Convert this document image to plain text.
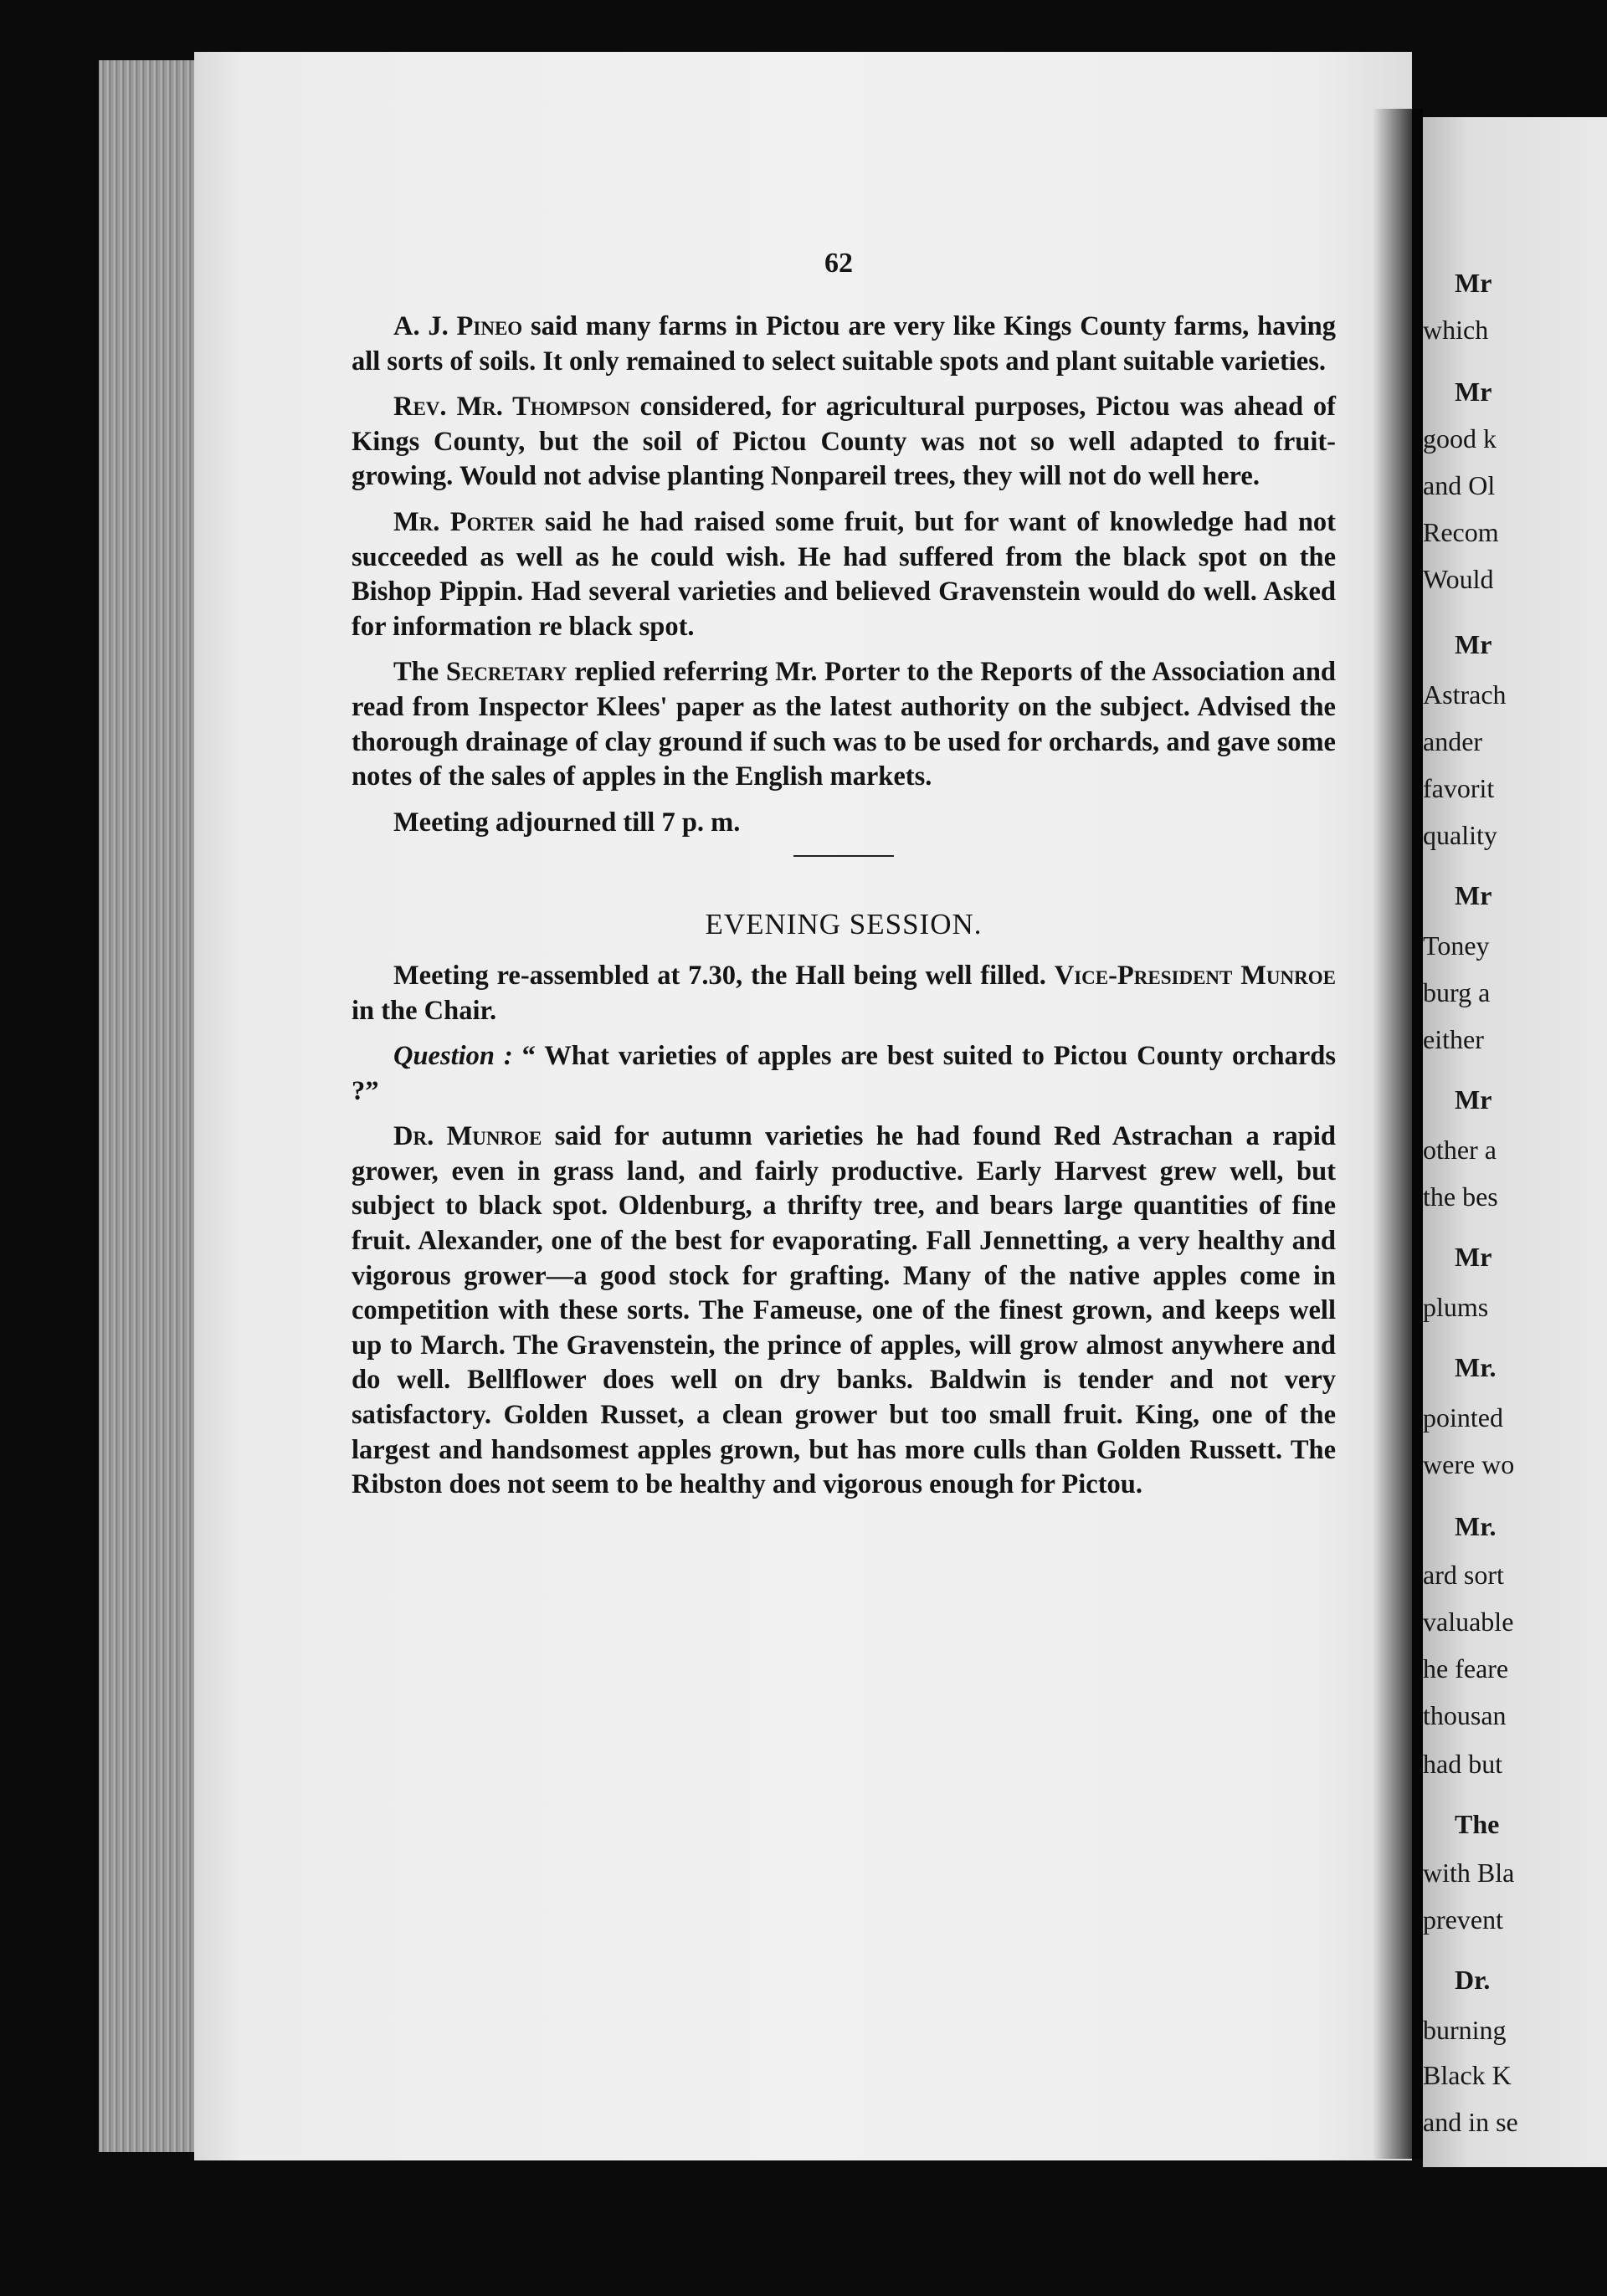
Mr
which
Mr
good k
and Ol
Recom
Would
Mr
Astrach
ander
favorit
quality
Mr
Toney
burg a
either
Mr
other a
the bes
Mr
plums
Mr.
pointed
were wo
Mr.
ard sort
valuable
he feare
thousan
had but
The
with Bla
prevent
Dr.
burning
Black K
and in se
62

A. J. Pineo said many farms in Pictou are very like Kings County farms, having all sorts of soils. It only remained to select suitable spots and plant suitable varieties.

Rev. Mr. Thompson considered, for agricultural purposes, Pictou was ahead of Kings County, but the soil of Pictou County was not so well adapted to fruit-growing. Would not advise planting Nonpareil trees, they will not do well here.

Mr. Porter said he had raised some fruit, but for want of knowledge had not succeeded as well as he could wish. He had suffered from the black spot on the Bishop Pippin. Had several varieties and believed Gravenstein would do well. Asked for information re black spot.

The Secretary replied referring Mr. Porter to the Reports of the Association and read from Inspector Klees' paper as the latest authority on the subject. Advised the thorough drainage of clay ground if such was to be used for orchards, and gave some notes of the sales of apples in the English markets.

Meeting adjourned till 7 p. m.

EVENING SESSION.

Meeting re-assembled at 7.30, the Hall being well filled. Vice-President Munroe in the Chair.

Question : “ What varieties of apples are best suited to Pictou County orchards ?”

Dr. Munroe said for autumn varieties he had found Red Astrachan a rapid grower, even in grass land, and fairly productive. Early Harvest grew well, but subject to black spot. Oldenburg, a thrifty tree, and bears large quantities of fine fruit. Alexander, one of the best for evaporating. Fall Jennetting, a very healthy and vigorous grower—a good stock for grafting. Many of the native apples come in competition with these sorts. The Fameuse, one of the finest grown, and keeps well up to March. The Gravenstein, the prince of apples, will grow almost anywhere and do well. Bellflower does well on dry banks. Baldwin is tender and not very satisfactory. Golden Russet, a clean grower but too small fruit. King, one of the largest and handsomest apples grown, but has more culls than Golden Russett. The Ribston does not seem to be healthy and vigorous enough for Pictou.
